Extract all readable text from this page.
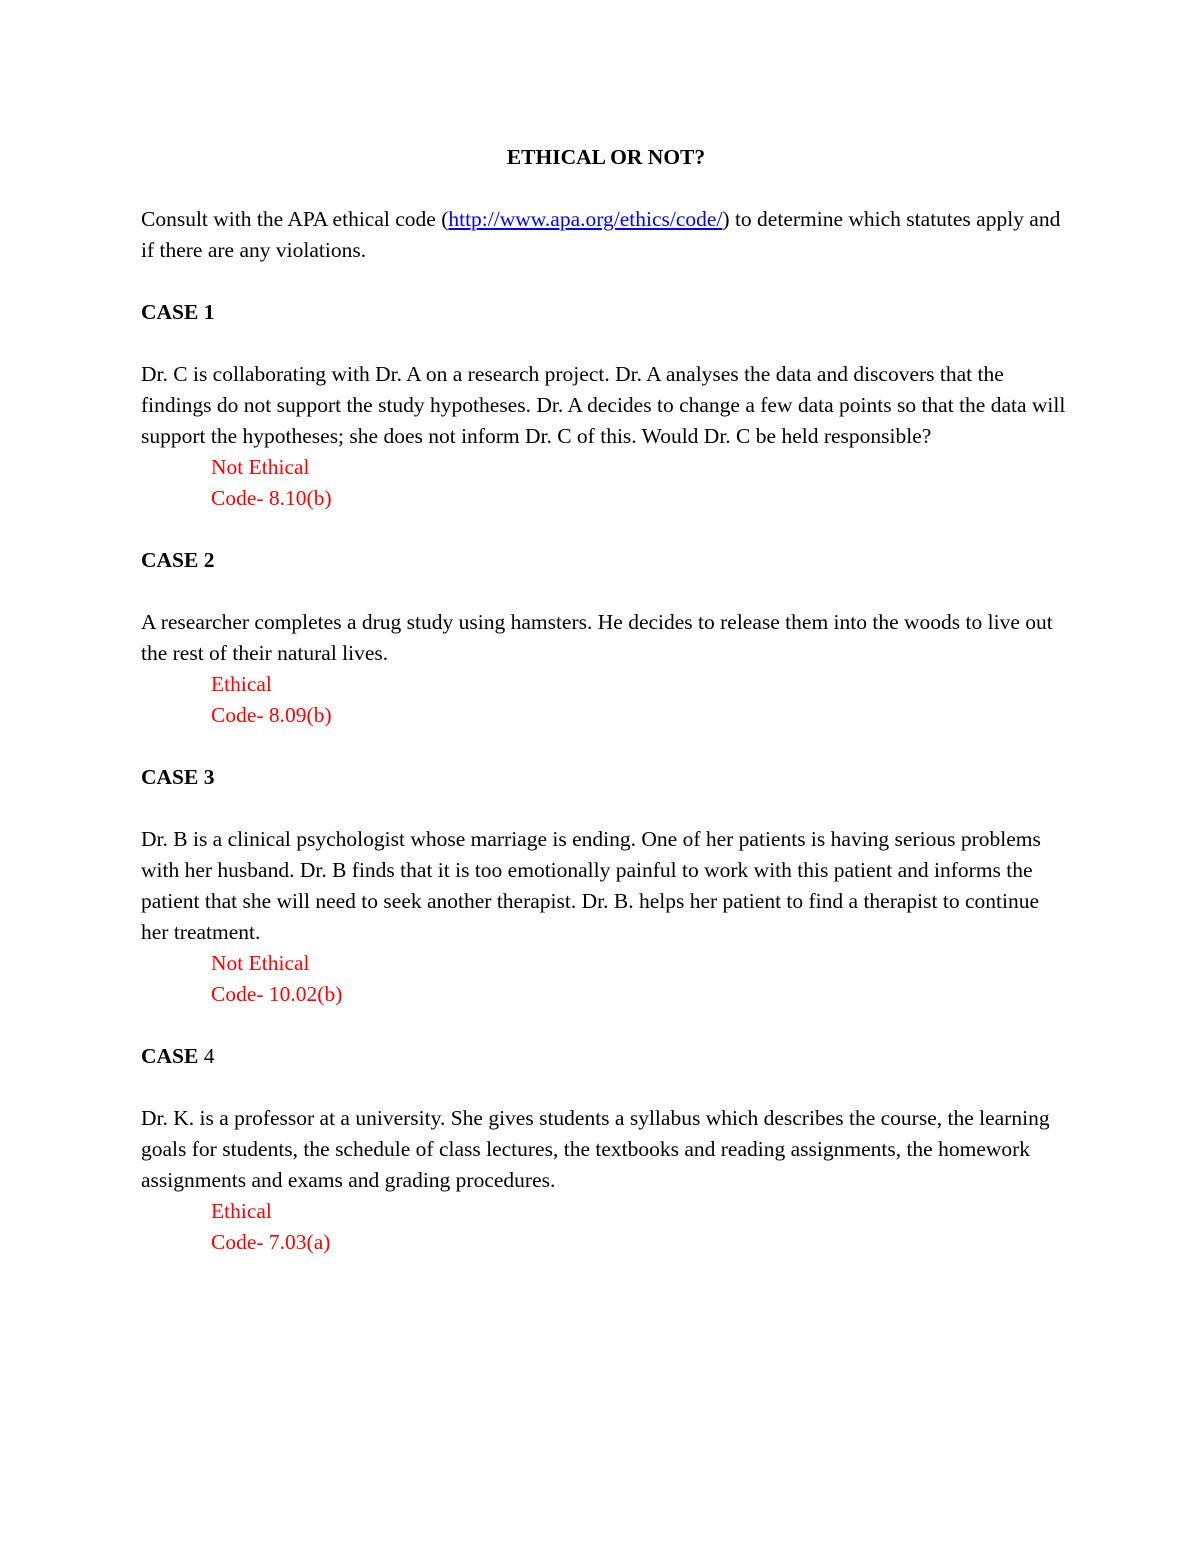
ETHICAL OR NOT?

Consult with the APA ethical code (http://www.apa.org/ethics/code/) to determine which statutes apply and if there are any violations.

CASE 1

Dr. C is collaborating with Dr. A on a research project. Dr. A analyses the data and discovers that the findings do not support the study hypotheses. Dr. A decides to change a few data points so that the data will support the hypotheses; she does not inform Dr. C of this. Would Dr. C be held responsible?

Not Ethical

Code- 8.10(b)

CASE 2

A researcher completes a drug study using hamsters. He decides to release them into the woods to live out the rest of their natural lives.

Ethical

Code- 8.09(b)

CASE 3

Dr. B is a clinical psychologist whose marriage is ending. One of her patients is having serious problems with her husband. Dr. B finds that it is too emotionally painful to work with this patient and informs the patient that she will need to seek another therapist. Dr. B. helps her patient to find a therapist to continue her treatment.

Not Ethical

Code- 10.02(b)

CASE 4

Dr. K. is a professor at a university. She gives students a syllabus which describes the course, the learning goals for students, the schedule of class lectures, the textbooks and reading assignments, the homework assignments and exams and grading procedures.

Ethical

Code- 7.03(a)
